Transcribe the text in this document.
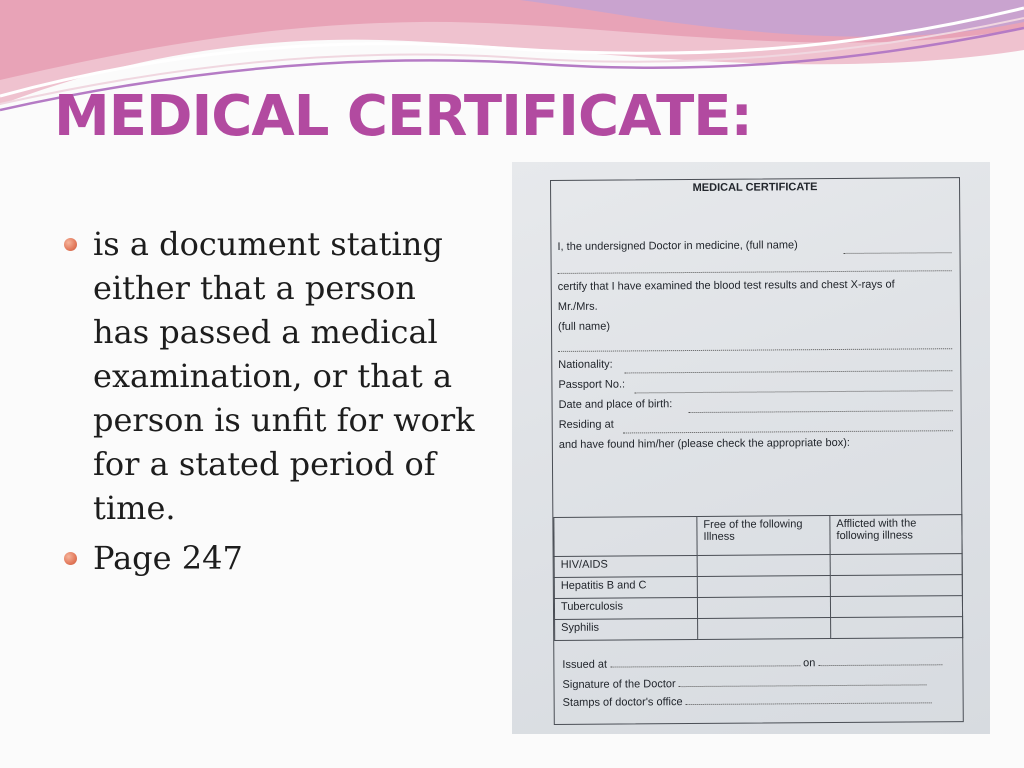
MEDICAL CERTIFICATE:
is a document stating either that a person has passed a medical examination, or that a person is unfit for work for a stated period of time.
Page 247
MEDICAL CERTIFICATE
I, the undersigned Doctor in medicine, (full name)
certify that I have examined the blood test results and chest X-rays of
Mr./Mrs.
(full name)
Nationality:
Passport No.:
Date and place of birth:
Residing at
and have found him/her (please check the appropriate box):
	Free of the following Illness	Afflicted with the following illness
HIV/AIDS		
Hepatitis B and C		
Tuberculosis		
Syphilis		
Issued at	on
Signature of the Doctor
Stamps of doctor's office
